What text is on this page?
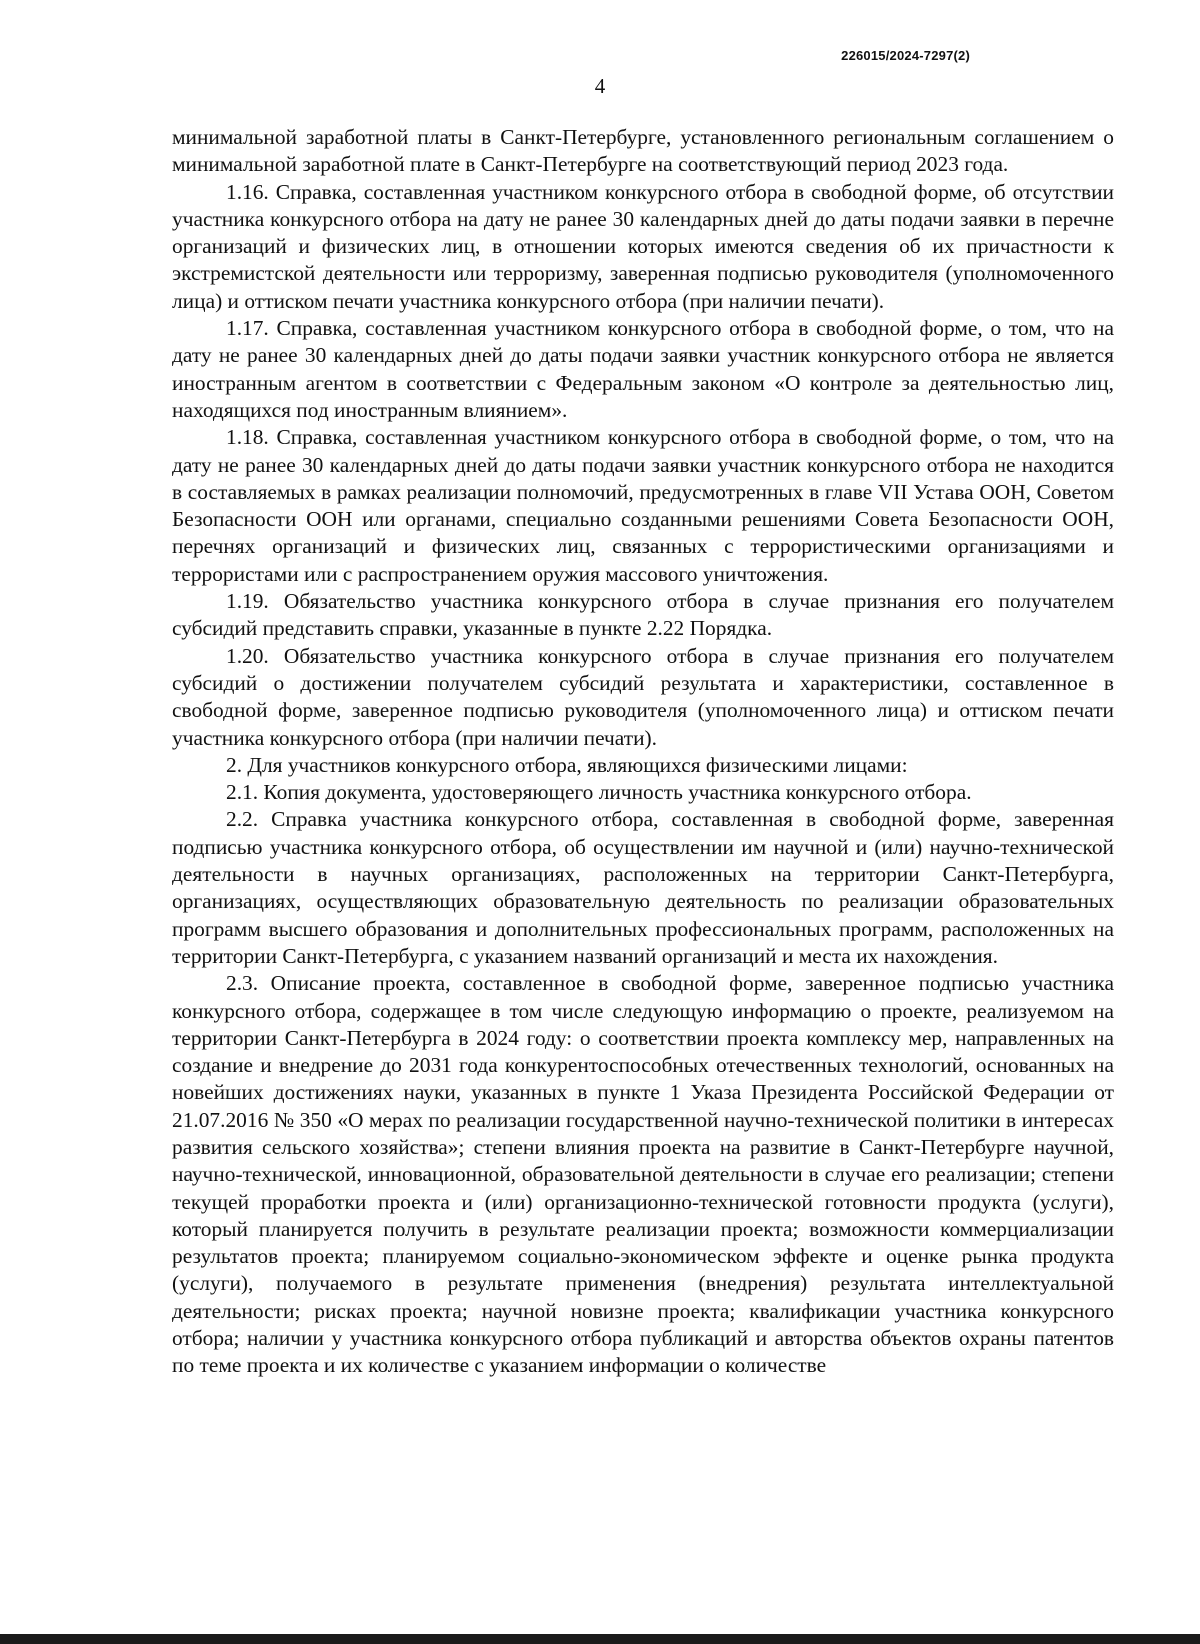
226015/2024-7297(2)
4

минимальной заработной платы в Санкт-Петербурге, установленного региональным соглашением о минимальной заработной плате в Санкт-Петербурге на соответствующий период 2023 года.

1.16. Справка, составленная участником конкурсного отбора в свободной форме, об отсутствии участника конкурсного отбора на дату не ранее 30 календарных дней до даты подачи заявки в перечне организаций и физических лиц, в отношении которых имеются сведения об их причастности к экстремистской деятельности или терроризму, заверенная подписью руководителя (уполномоченного лица) и оттиском печати участника конкурсного отбора (при наличии печати).

1.17. Справка, составленная участником конкурсного отбора в свободной форме, о том, что на дату не ранее 30 календарных дней до даты подачи заявки участник конкурсного отбора не является иностранным агентом в соответствии с Федеральным законом «О контроле за деятельностью лиц, находящихся под иностранным влиянием».

1.18. Справка, составленная участником конкурсного отбора в свободной форме, о том, что на дату не ранее 30 календарных дней до даты подачи заявки участник конкурсного отбора не находится в составляемых в рамках реализации полномочий, предусмотренных в главе VII Устава ООН, Советом Безопасности ООН или органами, специально созданными решениями Совета Безопасности ООН, перечнях организаций и физических лиц, связанных с террористическими организациями и террористами или с распространением оружия массового уничтожения.

1.19. Обязательство участника конкурсного отбора в случае признания его получателем субсидий представить справки, указанные в пункте 2.22 Порядка.

1.20. Обязательство участника конкурсного отбора в случае признания его получателем субсидий о достижении получателем субсидий результата и характеристики, составленное в свободной форме, заверенное подписью руководителя (уполномоченного лица) и оттиском печати участника конкурсного отбора (при наличии печати).

2. Для участников конкурсного отбора, являющихся физическими лицами:

2.1. Копия документа, удостоверяющего личность участника конкурсного отбора.

2.2. Справка участника конкурсного отбора, составленная в свободной форме, заверенная подписью участника конкурсного отбора, об осуществлении им научной и (или) научно-технической деятельности в научных организациях, расположенных на территории Санкт-Петербурга, организациях, осуществляющих образовательную деятельность по реализации образовательных программ высшего образования и дополнительных профессиональных программ, расположенных на территории Санкт-Петербурга, с указанием названий организаций и места их нахождения.

2.3. Описание проекта, составленное в свободной форме, заверенное подписью участника конкурсного отбора, содержащее в том числе следующую информацию о проекте, реализуемом на территории Санкт-Петербурга в 2024 году: о соответствии проекта комплексу мер, направленных на создание и внедрение до 2031 года конкурентоспособных отечественных технологий, основанных на новейших достижениях науки, указанных в пункте 1 Указа Президента Российской Федерации от 21.07.2016 № 350 «О мерах по реализации государственной научно-технической политики в интересах развития сельского хозяйства»; степени влияния проекта на развитие в Санкт-Петербурге научной, научно-технической, инновационной, образовательной деятельности в случае его реализации; степени текущей проработки проекта и (или) организационно-технической готовности продукта (услуги), который планируется получить в результате реализации проекта; возможности коммерциализации результатов проекта; планируемом социально-экономическом эффекте и оценке рынка продукта (услуги), получаемого в результате применения (внедрения) результата интеллектуальной деятельности; рисках проекта; научной новизне проекта; квалификации участника конкурсного отбора; наличии у участника конкурсного отбора публикаций и авторства объектов охраны патентов по теме проекта и их количестве с указанием информации о количестве
